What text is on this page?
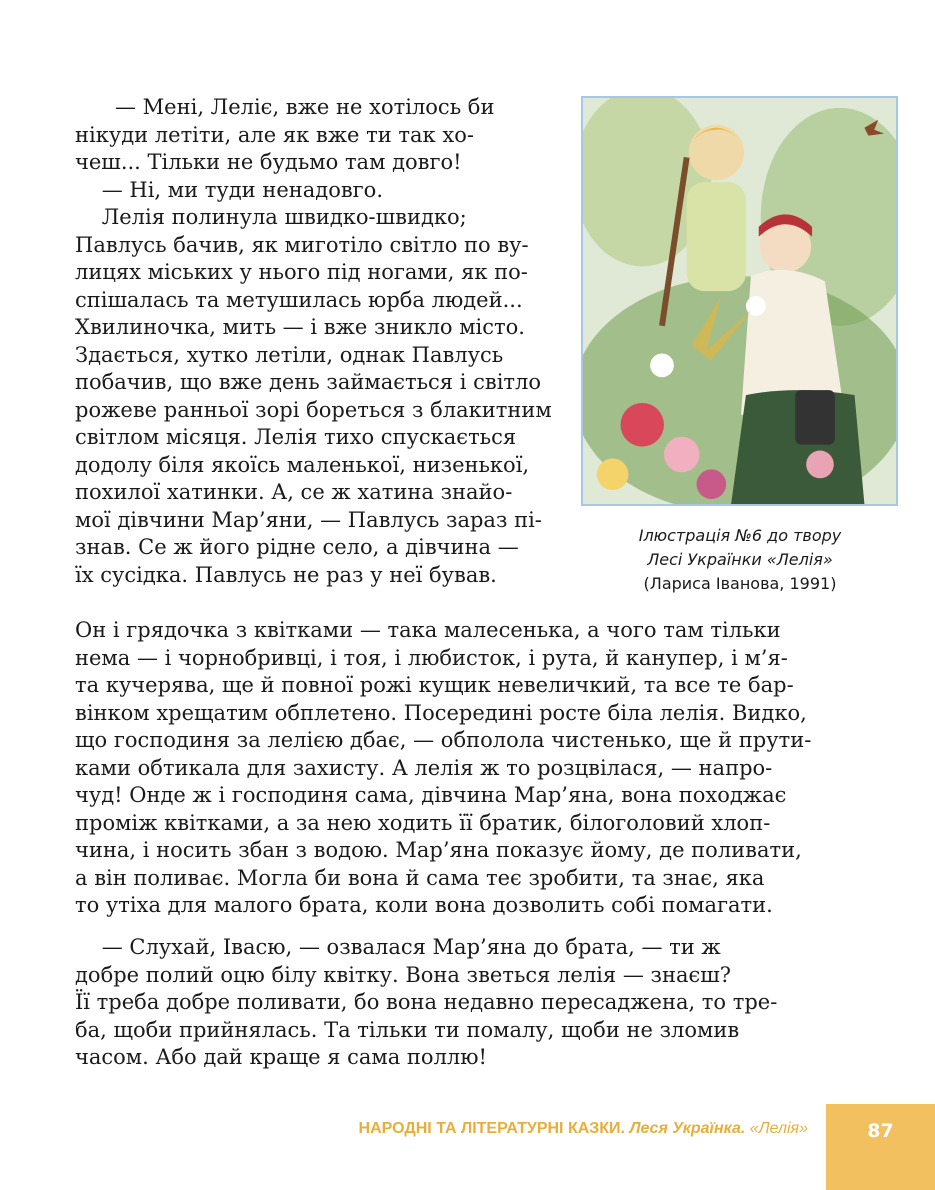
— Мені, Леліє, вже не хотілось би
нікуди летіти, але як вже ти так хо-
чеш... Тільки не будьмо там довго!
— Ні, ми туди ненадовго.
Лелія полинула швидко-швидко;
Павлусь бачив, як миготіло світло по ву-
лицях міських у нього під ногами, як по-
спішалась та метушилась юрба людей...
Хвилиночка, мить — і вже зникло місто.
Здається, хутко летіли, однак Павлусь
побачив, що вже день займається і світло
рожеве ранньої зорі бореться з блакитним
світлом місяця. Лелія тихо спускається
додолу біля якоїсь маленької, низенької,
похилої хатинки. А, се ж хатина знайо-
мої дівчини Мар’яни, — Павлусь зараз пі-
знав. Се ж його рідне село, а дівчина —
їх сусідка. Павлусь не раз у неї бував.

Ілюстрація №6 до твору
Лесі Українки «Лелія»
(Лариса Іванова, 1991)

Он і грядочка з квітками — така малесенька, а чого там тільки
нема — і чорнобривці, і тоя, і любисток, і рута, й канупер, і м’я-
та кучерява, ще й повної рожі кущик невеличкий, та все те бар-
вінком хрещатим обплетено. Посередині росте біла лелія. Видко,
що господиня за лелією дбає, — обполола чистенько, ще й прути-
ками обтикала для захисту. А лелія ж то розцвілася, — напро-
чуд! Онде ж і господиня сама, дівчина Мар’яна, вона походжає
проміж квітками, а за нею ходить її братик, білоголовий хлоп-
чина, і носить збан з водою. Мар’яна показує йому, де поливати,
а він поливає. Могла би вона й сама теє зробити, та знає, яка
то утіха для малого брата, коли вона дозволить собі помагати.

— Слухай, Івасю, — озвалася Мар’яна до брата, — ти ж
добре полий оцю білу квітку. Вона зветься лелія — знаєш?
Її треба добре поливати, бо вона недавно пересаджена, то тре-
ба, щоби прийнялась. Та тільки ти помалу, щоби не зломив
часом. Або дай краще я сама поллю!

НАРОДНІ ТА ЛІТЕРАТУРНІ КАЗКИ. Леся Українка. «Лелія»	87
